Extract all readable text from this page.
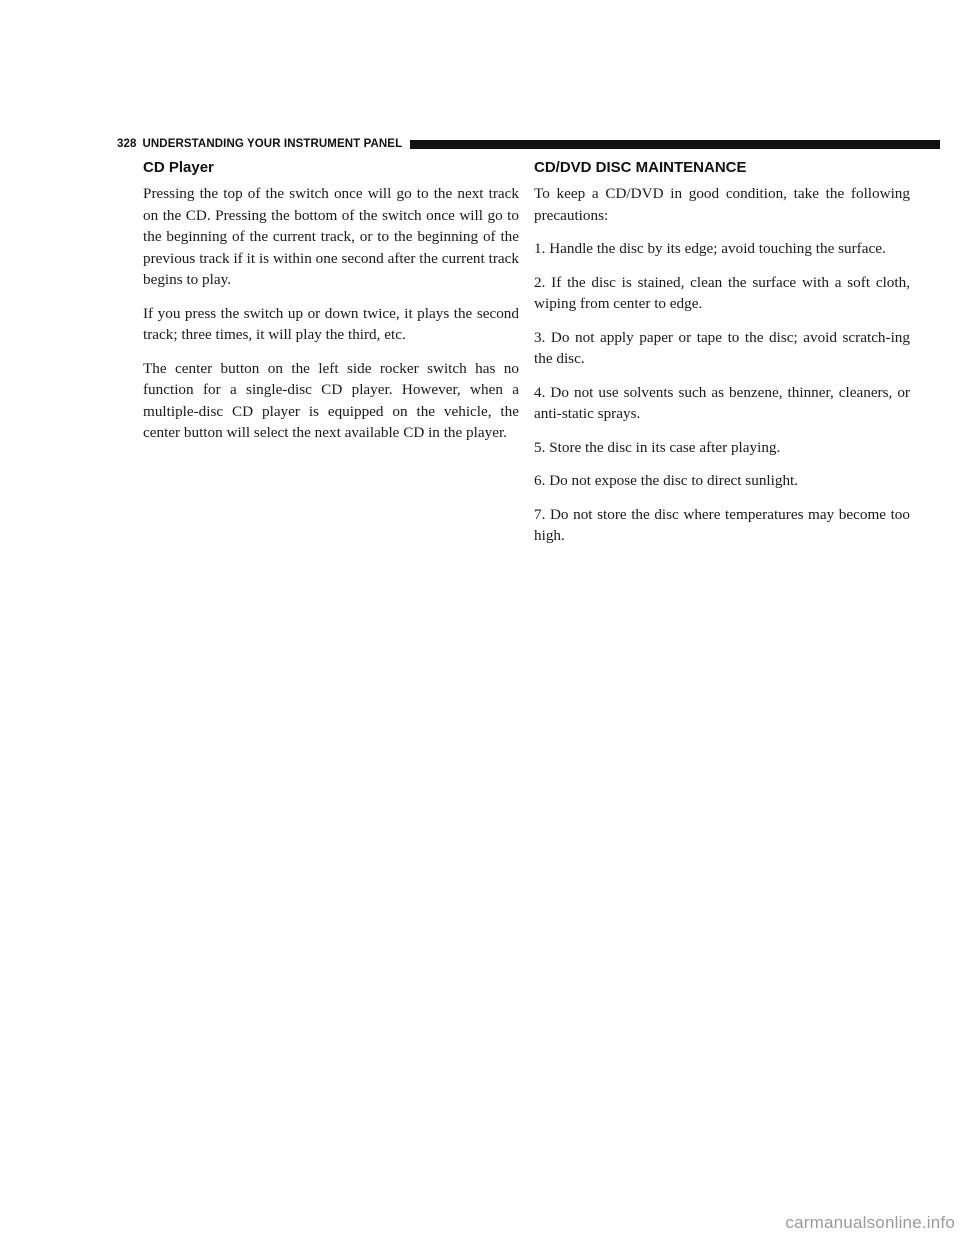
328 UNDERSTANDING YOUR INSTRUMENT PANEL
CD Player

Pressing the top of the switch once will go to the next track on the CD. Pressing the bottom of the switch once will go to the beginning of the current track, or to the beginning of the previous track if it is within one second after the current track begins to play.

If you press the switch up or down twice, it plays the second track; three times, it will play the third, etc.

The center button on the left side rocker switch has no function for a single-disc CD player. However, when a multiple-disc CD player is equipped on the vehicle, the center button will select the next available CD in the player.

CD/DVD DISC MAINTENANCE

To keep a CD/DVD in good condition, take the following precautions:

1. Handle the disc by its edge; avoid touching the surface.

2. If the disc is stained, clean the surface with a soft cloth, wiping from center to edge.

3. Do not apply paper or tape to the disc; avoid scratch-ing the disc.

4. Do not use solvents such as benzene, thinner, cleaners, or anti-static sprays.

5. Store the disc in its case after playing.

6. Do not expose the disc to direct sunlight.

7. Do not store the disc where temperatures may become too high.

carmanualsonline.info
